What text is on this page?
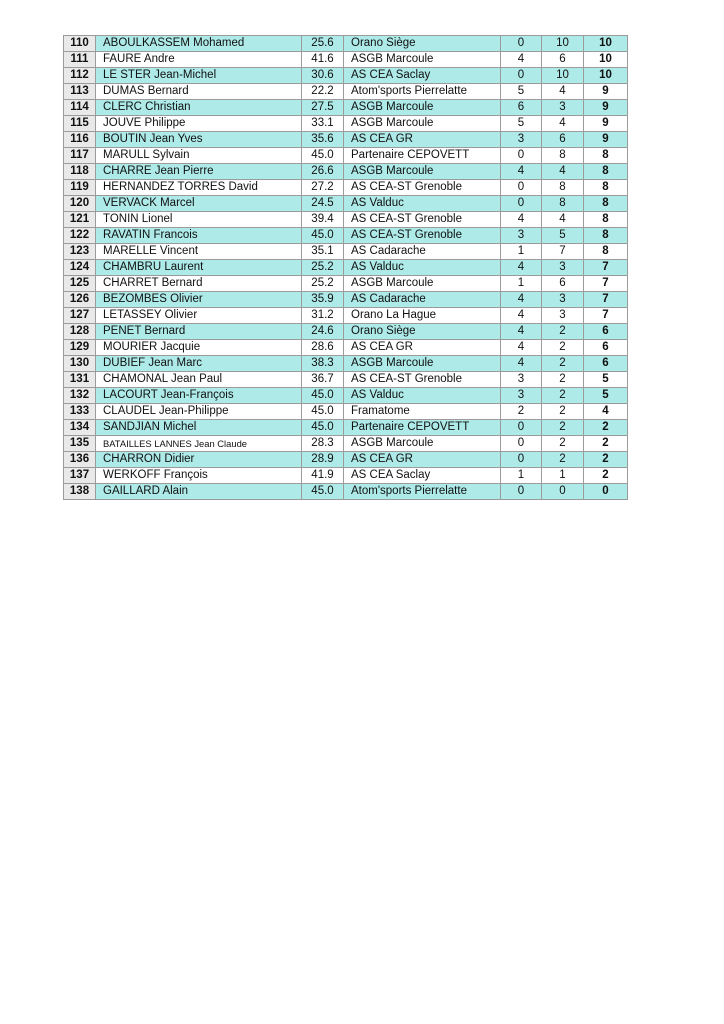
110	ABOULKASSEM Mohamed	25.6	Orano Siège	0	10	10
111	FAURE Andre	41.6	ASGB Marcoule	4	6	10
112	LE STER Jean-Michel	30.6	AS CEA Saclay	0	10	10
113	DUMAS Bernard	22.2	Atom'sports Pierrelatte	5	4	9
114	CLERC Christian	27.5	ASGB Marcoule	6	3	9
115	JOUVE Philippe	33.1	ASGB Marcoule	5	4	9
116	BOUTIN Jean Yves	35.6	AS CEA GR	3	6	9
117	MARULL Sylvain	45.0	Partenaire CEPOVETT	0	8	8
118	CHARRE Jean Pierre	26.6	ASGB Marcoule	4	4	8
119	HERNANDEZ TORRES David	27.2	AS CEA-ST Grenoble	0	8	8
120	VERVACK Marcel	24.5	AS Valduc	0	8	8
121	TONIN Lionel	39.4	AS CEA-ST Grenoble	4	4	8
122	RAVATIN Francois	45.0	AS CEA-ST Grenoble	3	5	8
123	MARELLE Vincent	35.1	AS Cadarache	1	7	8
124	CHAMBRU Laurent	25.2	AS Valduc	4	3	7
125	CHARRET Bernard	25.2	ASGB Marcoule	1	6	7
126	BEZOMBES Olivier	35.9	AS Cadarache	4	3	7
127	LETASSEY Olivier	31.2	Orano La Hague	4	3	7
128	PENET Bernard	24.6	Orano Siège	4	2	6
129	MOURIER Jacquie	28.6	AS CEA GR	4	2	6
130	DUBIEF Jean Marc	38.3	ASGB Marcoule	4	2	6
131	CHAMONAL Jean Paul	36.7	AS CEA-ST Grenoble	3	2	5
132	LACOURT Jean-François	45.0	AS Valduc	3	2	5
133	CLAUDEL Jean-Philippe	45.0	Framatome	2	2	4
134	SANDJIAN Michel	45.0	Partenaire CEPOVETT	0	2	2
135	BATAILLES LANNES Jean Claude	28.3	ASGB Marcoule	0	2	2
136	CHARRON Didier	28.9	AS CEA GR	0	2	2
137	WERKOFF François	41.9	AS CEA Saclay	1	1	2
138	GAILLARD Alain	45.0	Atom'sports Pierrelatte	0	0	0
